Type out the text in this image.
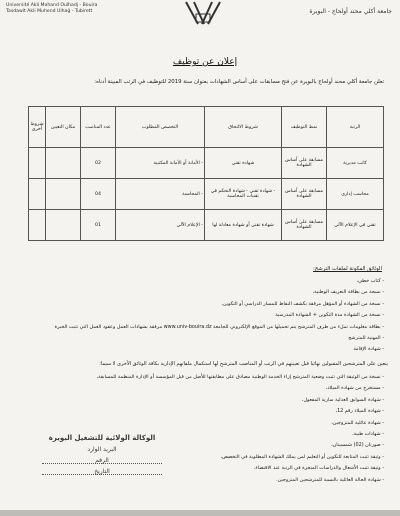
Université Akli Mohand Oulhadj - Bouira
Tasdawit Akli Muhend Ulhağ - Tubirett	جامعة أكلي محند أولحاج - البويرة
إعلان عن توظيف
تعلن جامعة أكلي محند أولحاج بالبويرة عن فتح مسابقات على أساس الشهادات بعنوان سنة 2019 للتوظيف في الرتب المبينة أدناه:
الرتبة	نمط التوظيف	شروط الالتحاق	التخصص المطلوب	عدد المناصب	مكان التعيين	شروط أخرى
كاتب مديرية	مسابقة على أساس الشهادة	شهادة تقني	- الأمانة أو الأمانة المكتبية	02		
محاسب إداري	مسابقة على أساس الشهادة	- شهادة تقني - شهادة التحكم في تقنيات المحاسبة	- المحاسبة	04		
تقني في الإعلام الآلي	مسابقة على أساس الشهادة	شهادة تقني أو شهادة معادلة لها	- الإعلام الآلي	01		
الوثائق المكونة لملفات الترشح:
- كتاب خطي،
- نسخة من بطاقة التعريف الوطنية،
- نسخة من الشهادة أو المؤهل مرفقة بكشف النقاط للمسار الدراسي أو التكوين،
- نسخة من الشهادة مدة التكوين + الشهادة المدرسية
- بطاقة معلومات تملء من طرف المترشح يتم تحميلها من الموقع الإلكتروني للجامعة www.univ-bouira.dz مرفقة بشهادات العمل وعقود العمل التي تثبت الخبرة
- المهنية للمترشح
- شهادة الإقامة
يتعين على المترشحين المقبولين نهائيا قبل تعيينهم في الرتب أو المناصب المترشح لها استكمال ملفاتهم الإدارية بكافة الوثائق الأخرى لا سيما:
- نسخة من الوثيقة التي تثبت وضعية المترشح إزاء الخدمة الوطنية مصادق على مطابقتها للأصل من قبل المؤسسة أو الإدارة المنظمة للمسابقة،
- مستخرج من شهادة الميلاد،
- شهادة السوابق العدلية سارية المفعول،
- شهادة الميلاد رقم 12،
- شهادة عائلية للمتزوجين،
- شهادات طبية،
- صورتان (02) شمسيتان،
- وثيقة تثبت المتابعة للتكوين أو التعليم لمن يملك الشهادة المطلوبة في التخصص،
- وثيقة تثبت الأشغال والدراسات المنجزة في الرتبة عند الاقتضاء،
- شهادة الحالة العائلية بالنسبة للمترشحين المتزوجين.
الوكالة الولائية للتشغيل البويرة
البريد الوارد
الرقم
التاريخ
